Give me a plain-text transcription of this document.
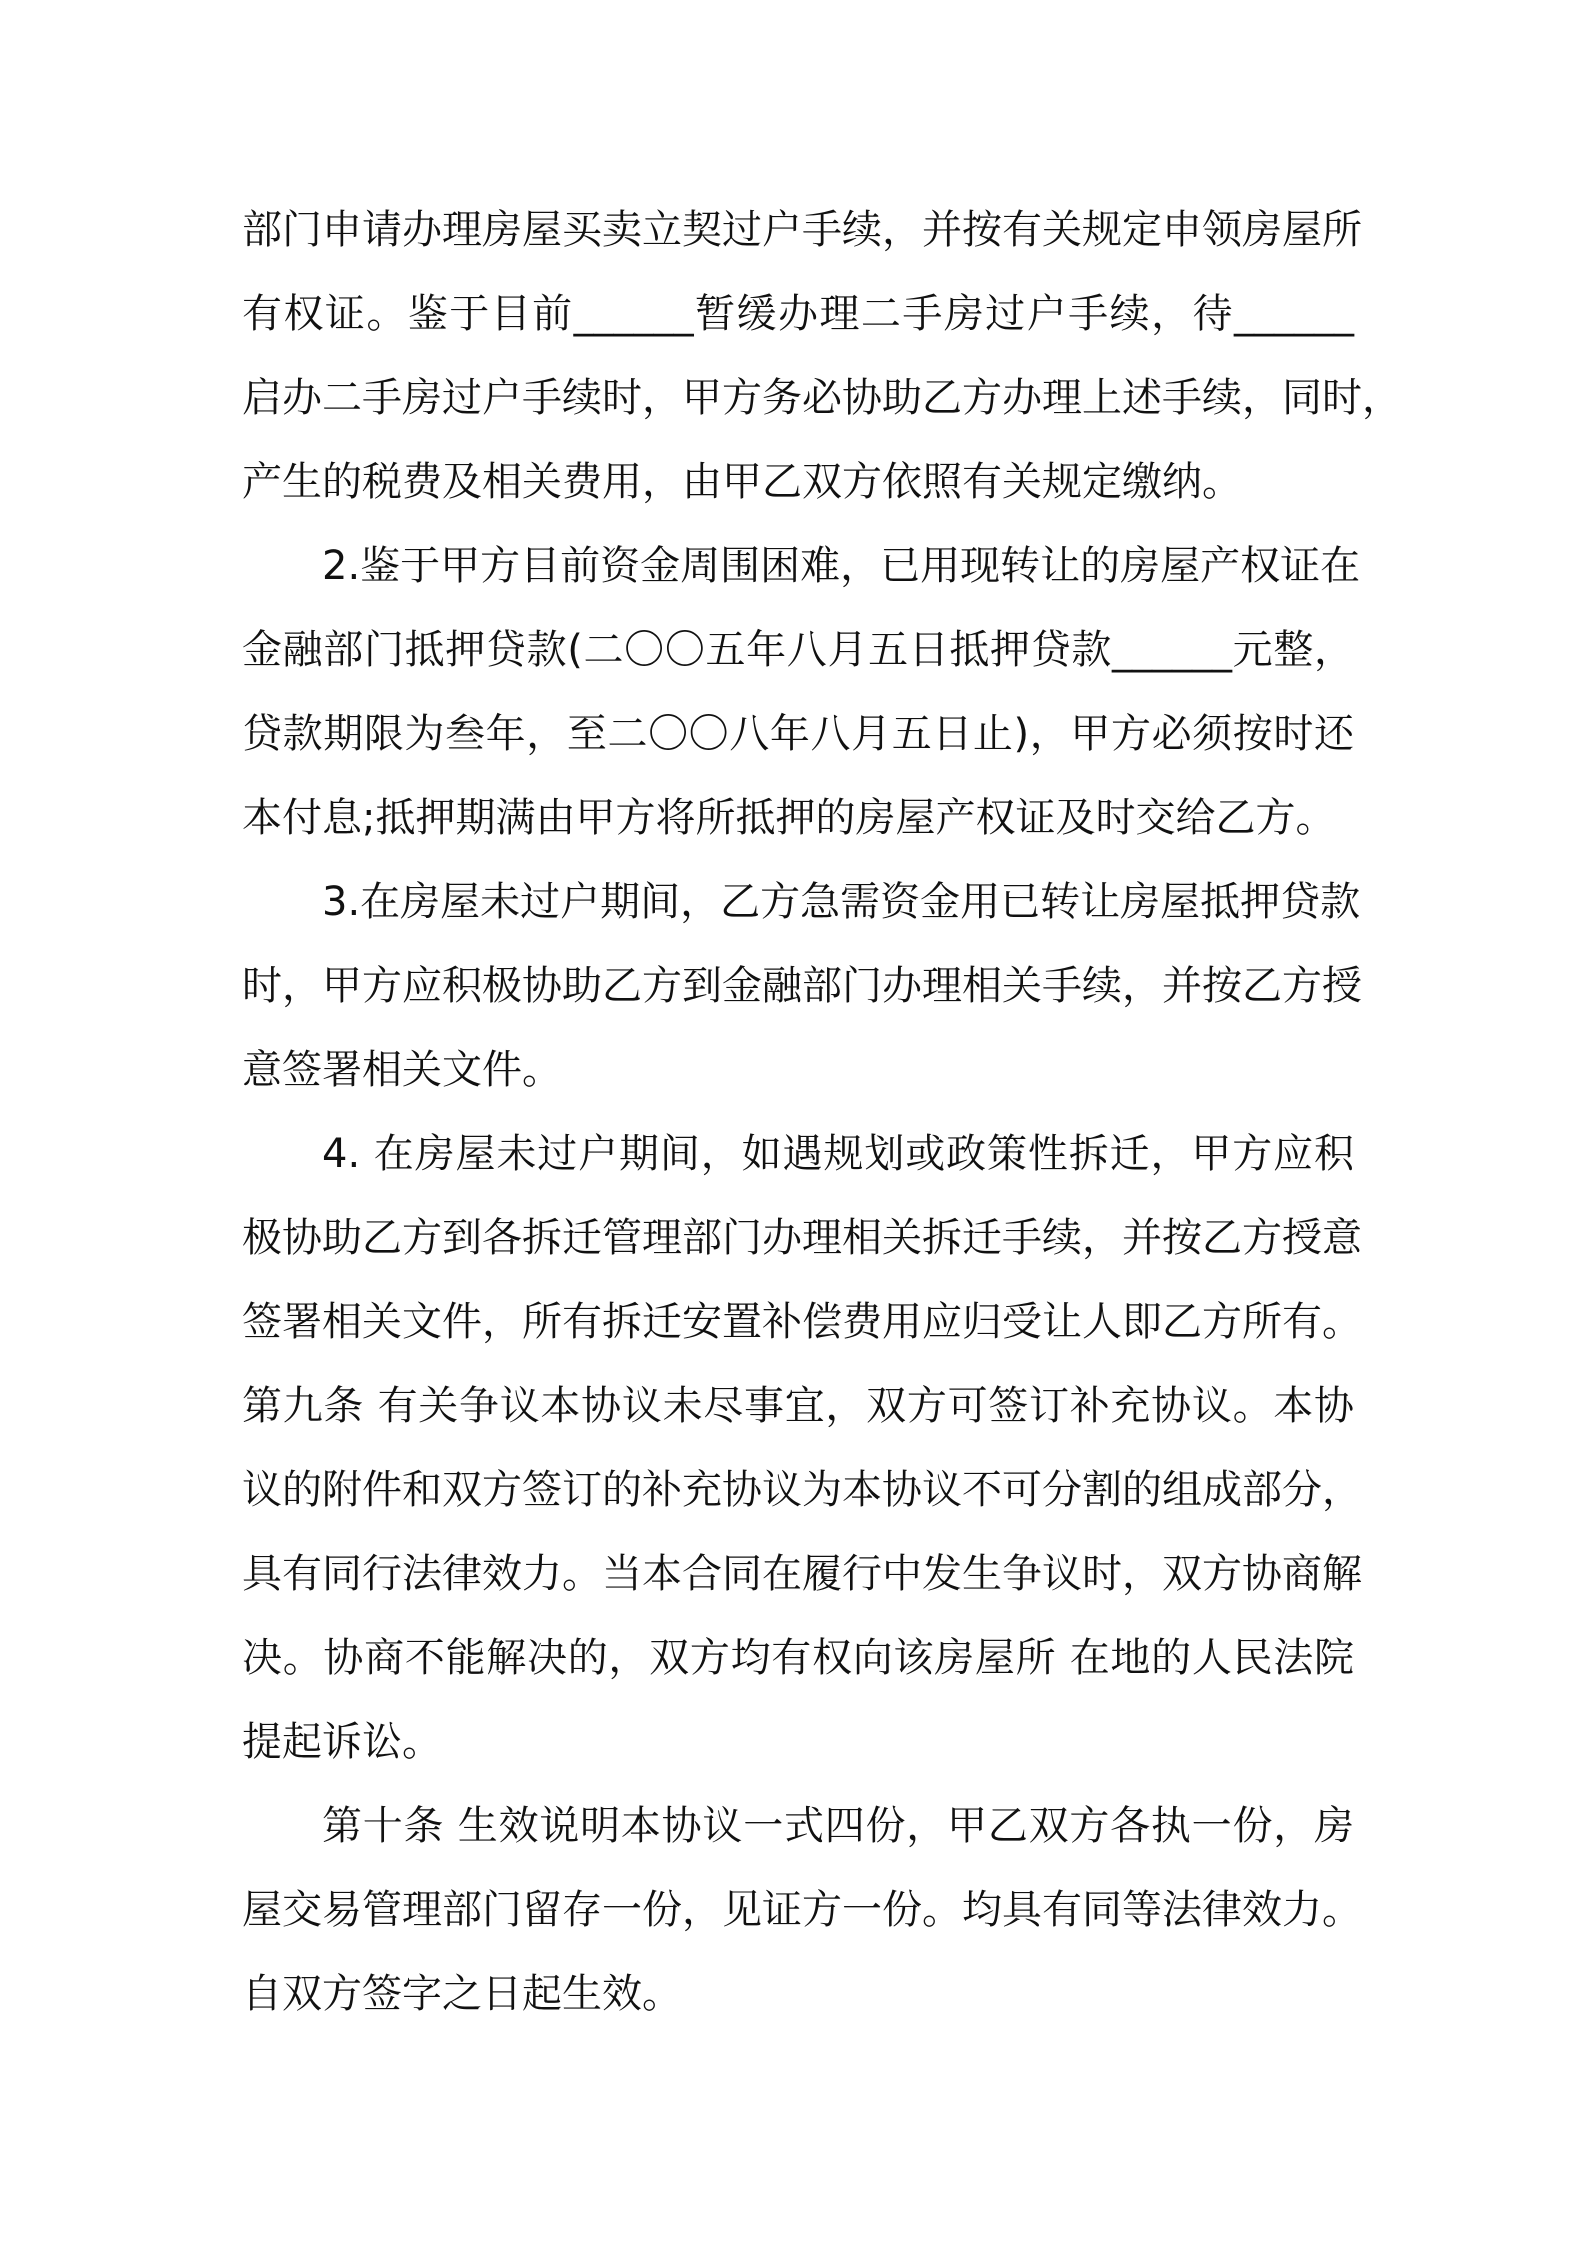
部门申请办理房屋买卖立契过户手续，并按有关规定申领房屋所
有权证。鉴于目前______暂缓办理二手房过户手续，待______
启办二手房过户手续时，甲方务必协助乙方办理上述手续，同时，
产生的税费及相关费用，由甲乙双方依照有关规定缴纳。
2.鉴于甲方目前资金周围困难，已用现转让的房屋产权证在
金融部门抵押贷款(二〇〇五年八月五日抵押贷款______元整，
贷款期限为叁年，至二〇〇八年八月五日止)，甲方必须按时还
本付息;抵押期满由甲方将所抵押的房屋产权证及时交给乙方。
3.在房屋未过户期间，乙方急需资金用已转让房屋抵押贷款
时，甲方应积极协助乙方到金融部门办理相关手续，并按乙方授
意签署相关文件。
4. 在房屋未过户期间，如遇规划或政策性拆迁，甲方应积
极协助乙方到各拆迁管理部门办理相关拆迁手续，并按乙方授意
签署相关文件，所有拆迁安置补偿费用应归受让人即乙方所有。
第九条 有关争议本协议未尽事宜，双方可签订补充协议。本协
议的附件和双方签订的补充协议为本协议不可分割的组成部分，
具有同行法律效力。当本合同在履行中发生争议时，双方协商解
决。协商不能解决的，双方均有权向该房屋所 在地的人民法院
提起诉讼。
第十条 生效说明本协议一式四份，甲乙双方各执一份，房
屋交易管理部门留存一份，见证方一份。均具有同等法律效力。
自双方签字之日起生效。
